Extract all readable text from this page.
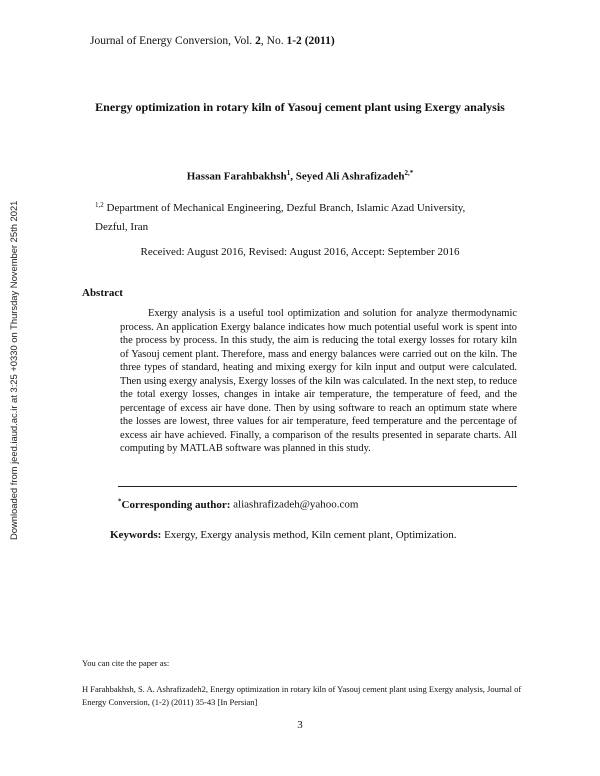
Downloaded from jeed.iaud.ac.ir at 3:25 +0330 on Thursday November 25th 2021
Journal of Energy Conversion, Vol. 2, No. 1-2 (2011)
Energy optimization in rotary kiln of Yasouj cement plant using Exergy analysis
Hassan Farahbakhsh$^1$, Seyed Ali Ashrafizadeh$^{2,*}$
$^{1,2}$ Department of Mechanical Engineering, Dezful Branch, Islamic Azad University, Dezful, Iran
Received: August 2016, Revised: August 2016, Accept: September 2016
Abstract
Exergy analysis is a useful tool optimization and solution for analyze thermodynamic process. An application Exergy balance indicates how much potential useful work is spent into the process by process. In this study, the aim is reducing the total exergy losses for rotary kiln of Yasouj cement plant. Therefore, mass and energy balances were carried out on the kiln. The three types of standard, heating and mixing exergy for kiln input and output were calculated. Then using exergy analysis, Exergy losses of the kiln was calculated. In the next step, to reduce the total exergy losses, changes in intake air temperature, the temperature of feed, and the percentage of excess air have done. Then by using software to reach an optimum state where the losses are lowest, three values for air temperature, feed temperature and the percentage of excess air have achieved. Finally, a comparison of the results presented in separate charts. All computing by MATLAB software was planned in this study.
*Corresponding author: aliashrafizadeh@yahoo.com
Keywords: Exergy, Exergy analysis method, Kiln cement plant, Optimization.
You can cite the paper as:
H Farahbakhsh, S. A. Ashrafizadeh2, Energy optimization in rotary kiln of Yasouj cement plant using Exergy analysis, Journal of Energy Conversion, (1-2) (2011) 35-43 [In Persian]
3
